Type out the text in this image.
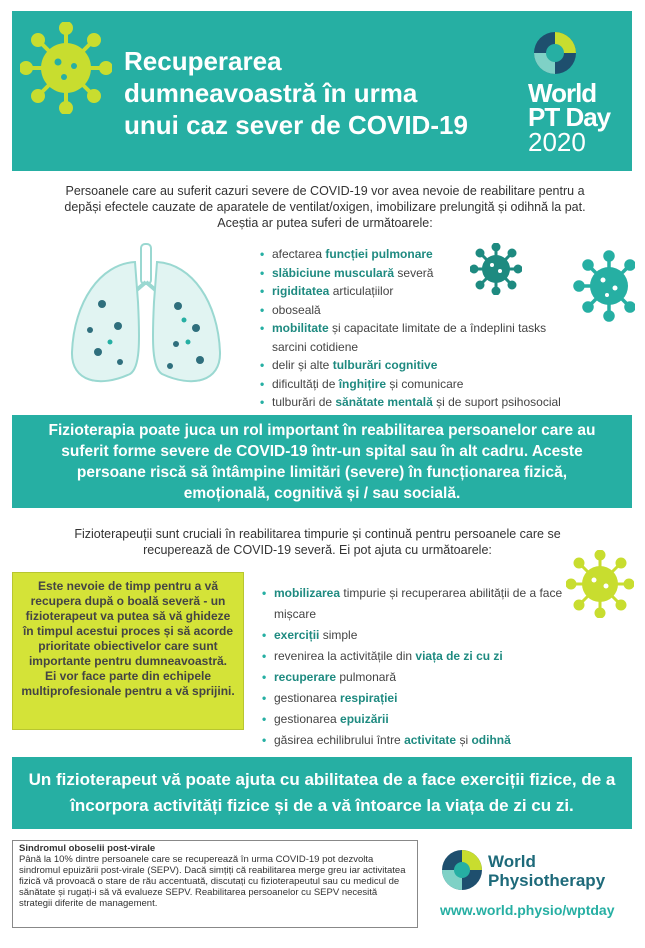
Recuperarea
dumneavoastră în urma
unui caz sever de COVID-19
World
PT Day
2020
Persoanele care au suferit cazuri severe de COVID-19 vor avea nevoie de reabilitare pentru a depăși efectele cauzate de aparatele de ventilat/oxigen, imobilizare prelungită și odihnă la pat. Aceștia ar putea suferi de următoarele:
• afectarea funcției pulmonare
• slăbiciune musculară severă
• rigiditatea articulațiilor
• oboseală
• mobilitate și capacitate limitate de a îndeplini tasks sarcini cotidiene
• delir și alte tulburări cognitive
• dificultăți de înghițire și comunicare
• tulburări de sănătate mentală și de suport psihosocial
Fizioterapia poate juca un rol important în reabilitarea persoanelor care au suferit forme severe de COVID-19 într-un spital sau în alt cadru. Aceste persoane riscă să întâmpine limitări (severe) în funcționarea fizică, emoțională, cognitivă și / sau socială.
Fizioterapeuții sunt cruciali în reabilitarea timpurie și continuă pentru persoanele care se recuperează de COVID-19 severă. Ei pot ajuta cu următoarele:
Este nevoie de timp pentru a vă recupera după o boală severă - un fizioterapeut va putea să vă ghideze în timpul acestui proces și să acorde prioritate obiectivelor care sunt importante pentru dumneavoastră.
Ei vor face parte din echipele multiprofesionale pentru a vă sprijini.
• mobilizarea timpurie și recuperarea abilității de a face mișcare
• exerciții simple
• revenirea la activitățile din viața de zi cu zi
• recuperare pulmonară
• gestionarea respirației
• gestionarea epuizării
• găsirea echilibrului între activitate și odihnă
Un fizioterapeut vă poate ajuta cu abilitatea de a face exerciții fizice, de a încorpora activități fizice și de a vă întoarce la viața de zi cu zi.
Sindromul oboselii post-virale
Până la 10% dintre persoanele care se recuperează în urma COVID-19 pot dezvolta sindromul epuizării post-virale (SEPV). Dacă simțiți că reabilitarea merge greu iar activitatea fizică vă provoacă o stare de rău accentuată, discutați cu fizioterapeutul sau cu medicul de sănătate și rugați-i să vă evalueze SEPV. Reabilitarea persoanelor cu SEPV necesită strategii diferite de management.
World
Physiotherapy
www.world.physio/wptday
